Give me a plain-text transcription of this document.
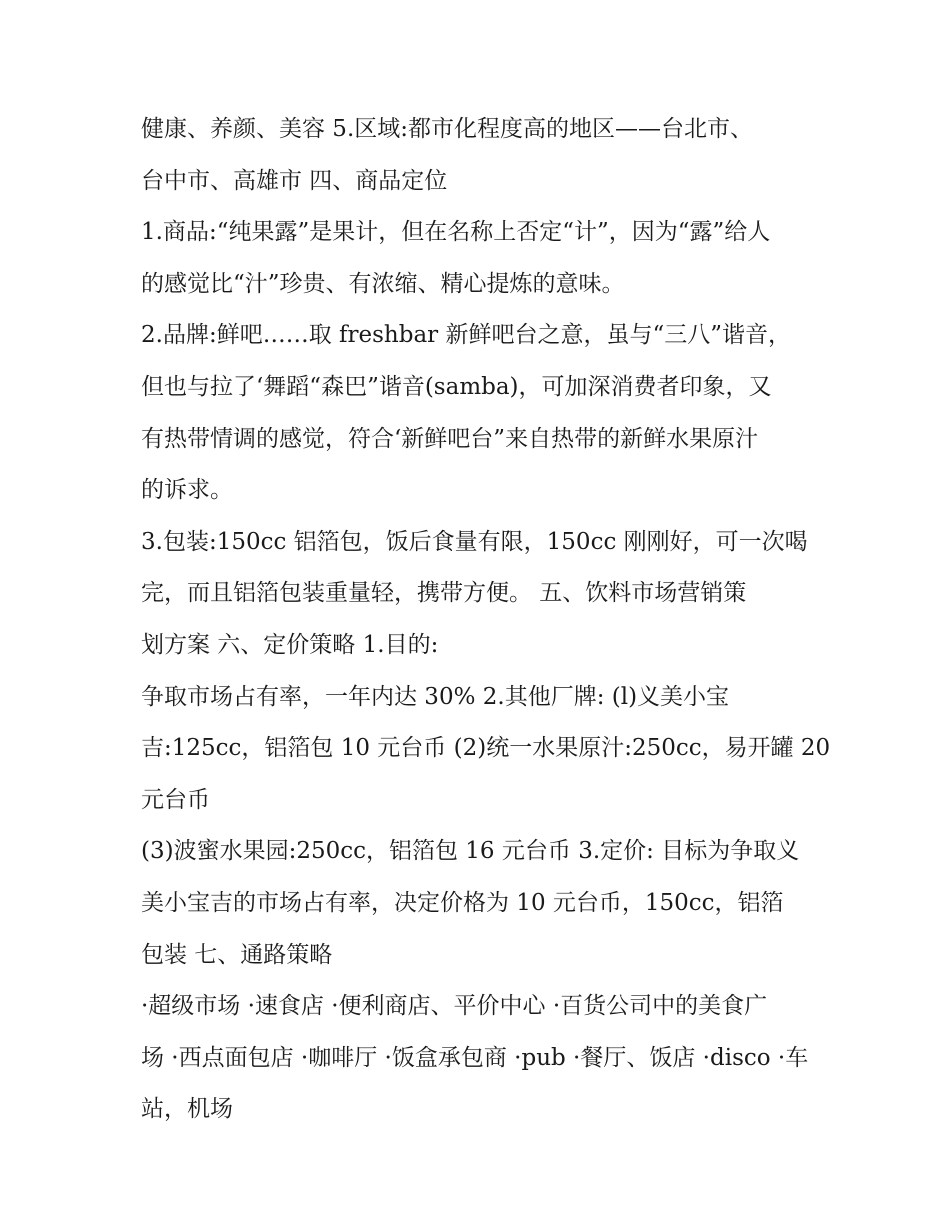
健康、养颜、美容 5.区域:都市化程度高的地区——台北市、
台中市、高雄市 四、商品定位
1.商品:“纯果露”是果计，但在名称上否定“计”，因为“露”给人
的感觉比“汁”珍贵、有浓缩、精心提炼的意味。
2.品牌:鲜吧……取 freshbar 新鲜吧台之意，虽与“三八”谐音，
但也与拉了‘舞蹈“森巴”谐音(samba)，可加深消费者印象，又
有热带情调的感觉，符合‘新鲜吧台”来自热带的新鲜水果原汁
的诉求。
3.包装:150cc 铝箔包，饭后食量有限，150cc 刚刚好，可一次喝
完，而且铝箔包装重量轻，携带方便。 五、饮料市场营销策
划方案 六、定价策略 1.目的:
争取市场占有率，一年内达 30% 2.其他厂牌: (l)义美小宝
吉:125cc，铝箔包 10 元台币 (2)统一水果原汁:250cc，易开罐 20
元台币
(3)波蜜水果园:250cc，铝箔包 16 元台币 3.定价: 目标为争取义
美小宝吉的市场占有率，决定价格为 10 元台币，150cc，铝箔
包装 七、通路策略
·超级市场 ·速食店 ·便利商店、平价中心 ·百货公司中的美食广
场 ·西点面包店 ·咖啡厅 ·饭盒承包商 ·pub ·餐厅、饭店 ·disco ·车
站，机场
